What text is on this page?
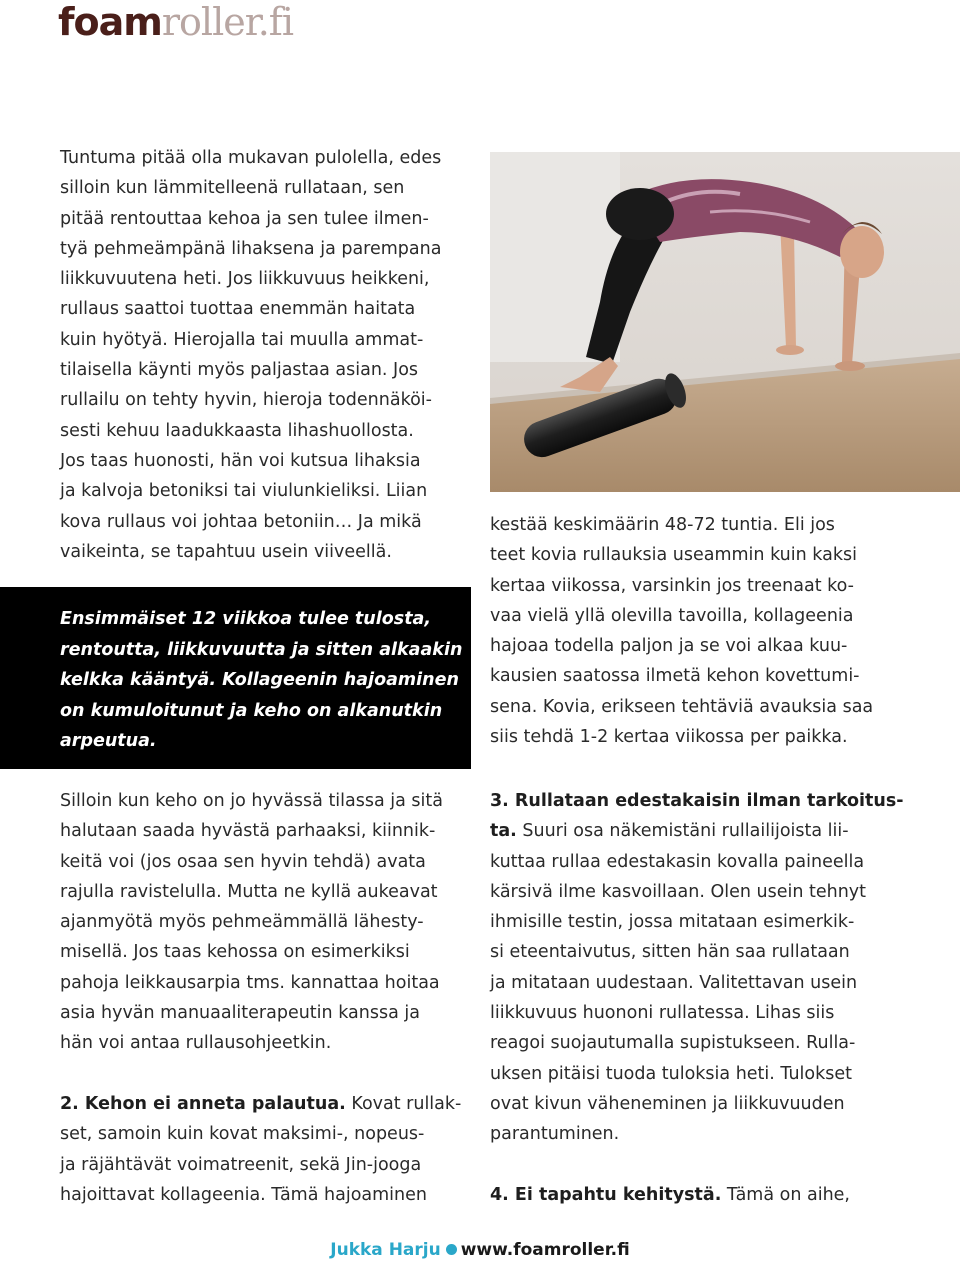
foamroller.fi

Tuntuma pitää olla mukavan pulolella, edes

silloin kun lämmitelleenä rullataan, sen

pitää rentouttaa kehoa ja sen tulee ilmen-

tyä pehmeämpänä lihaksena ja parempana

liikkuvuutena heti. Jos liikkuvuus heikkeni,

rullaus saattoi tuottaa enemmän haitata

kuin hyötyä. Hierojalla tai muulla ammat-

tilaisella käynti myös paljastaa asian. Jos

rullailu on tehty hyvin, hieroja todennäköi-

sesti kehuu laadukkaasta lihashuollosta.

Jos taas huonosti, hän voi kutsua lihaksia

ja kalvoja betoniksi tai viulunkieliksi. Liian

kova rullaus voi johtaa betoniin… Ja mikä

vaikeinta, se tapahtuu usein viiveellä.

Ensimmäiset 12 viikkoa tulee tulosta,
rentoutta, liikkuvuutta ja sitten alkaakin
kelkka kääntyä. Kollageenin hajoaminen
on kumuloitunut ja keho on alkanutkin
arpeutua.

Silloin kun keho on jo hyvässä tilassa ja sitä

halutaan saada hyvästä parhaaksi, kiinnik-

keitä voi (jos osaa sen hyvin tehdä) avata

rajulla ravistelulla. Mutta ne kyllä aukeavat

ajanmyötä myös pehmeämmällä lähesty-

misellä. Jos taas kehossa on esimerkiksi

pahoja leikkausarpia tms. kannattaa hoitaa

asia hyvän manuaaliterapeutin kanssa ja

hän voi antaa rullausohjeetkin.

2. Kehon ei anneta palautua. Kovat rullak-

set, samoin kuin kovat maksimi-, nopeus-

ja räjähtävät voimatreenit, sekä Jin-jooga

hajoittavat kollageenia. Tämä hajoaminen

kestää keskimäärin 48-72 tuntia. Eli jos

teet kovia rullauksia useammin kuin kaksi

kertaa viikossa, varsinkin jos treenaat ko-

vaa vielä yllä olevilla tavoilla, kollageenia

hajoaa todella paljon ja se voi alkaa kuu-

kausien saatossa ilmetä kehon kovettumi-

sena. Kovia, erikseen tehtäviä avauksia saa

siis tehdä 1-2 kertaa viikossa per paikka.

3. Rullataan edestakaisin ilman tarkoitus-

ta. Suuri osa näkemistäni rullailijoista lii-

kuttaa rullaa edestakasin kovalla paineella

kärsivä ilme kasvoillaan. Olen usein tehnyt

ihmisille testin, jossa mitataan esimerkik-

si eteentaivutus, sitten hän saa rullataan

ja mitataan uudestaan. Valitettavan usein

liikkuvuus huononi rullatessa. Lihas siis

reagoi suojautumalla supistukseen. Rulla-

uksen pitäisi tuoda tuloksia heti. Tulokset

ovat kivun väheneminen ja liikkuvuuden

parantuminen.

4. Ei tapahtu kehitystä. Tämä on aihe,

Jukka Harju www.foamroller.fi
